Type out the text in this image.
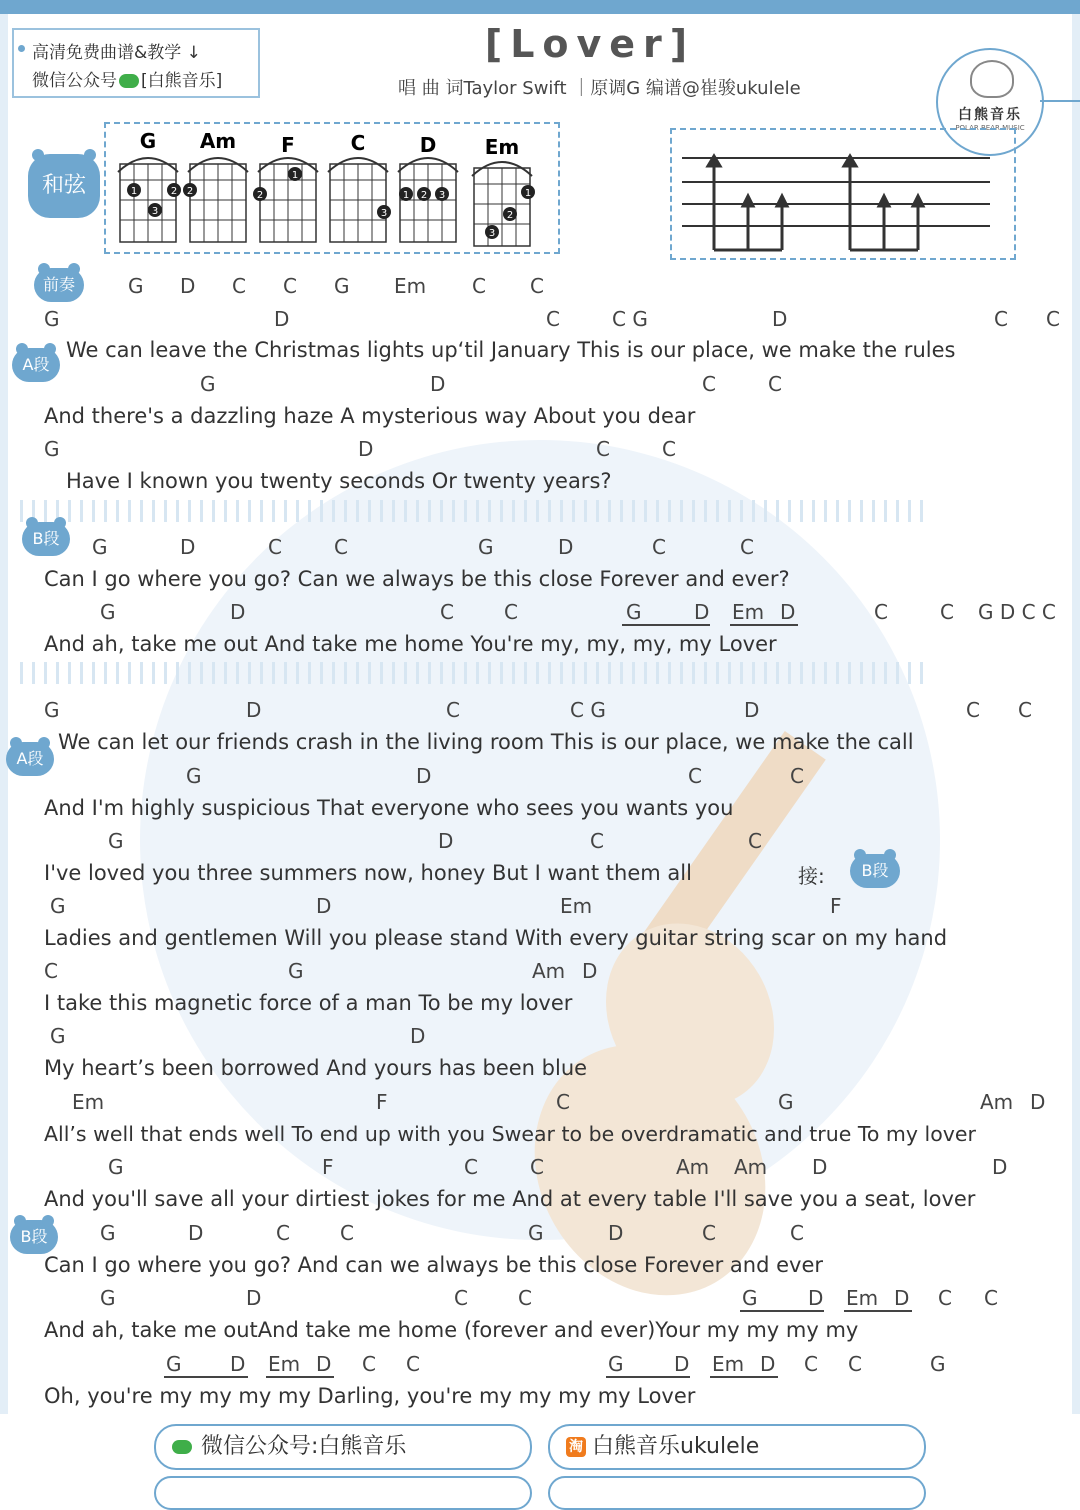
高清免费曲谱&教学 ↓
微信公众号 [白熊音乐]
[Lover]
唱 曲 词Taylor Swift ｜原调G 编谱@崔骏ukulele
白熊音乐
POLAR BEAR MUSIC
和弦
G
1	2
3
Am
2
F
1
2
C
3
D
1 2 3
Em
1
2
3
前奏
A段
B段
A段
B段
B段
接:
G D C C G Em C C
G	D	C	C G	D	C C
We can leave the Christmas lights up‘til January This is our place, we make the rules
G	D	C	C
And there's a dazzling haze A mysterious way About you dear
G	D	C	C
Have I known you twenty seconds Or twenty years?
G	D	C	C	G	D	C	C
Can I go where you go? Can we always be this close Forever and ever?
G	D	C	C	G	D Em D	C	C G D C C
And ah, take me out And take me home You're my, my, my, my Lover
G	D	C	C G	D	C C
We can let our friends crash in the living room This is our place, we make the call
G	D	C	C
And I'm highly suspicious That everyone who sees you wants you
G	D	C	C
I've loved you three summers now, honey But I want them all
G	D	Em	F
Ladies and gentlemen Will you please stand With every guitar string scar on my hand
C	G	Am D
I take this magnetic force of a man To be my lover
G	D
My heart’s been borrowed And yours has been blue
Em	F	C	G	Am D
All’s well that ends well To end up with you Swear to be overdramatic and true To my lover
G	F	C	C	Am Am D	D
And you'll save all your dirtiest jokes for me And at every table I'll save you a seat, lover
G	D	C	C	G	D	C	C
Can I go where you go? And can we always be this close Forever and ever
G	D	C	C	G	D Em D C C
And ah, take me outAnd take me home (forever and ever)Your my my my my
G D Em D C C	G	D Em D C C	G
Oh, you're my my my my Darling, you're my my my my Lover
微信公众号:白熊音乐	淘 白熊音乐ukulele
